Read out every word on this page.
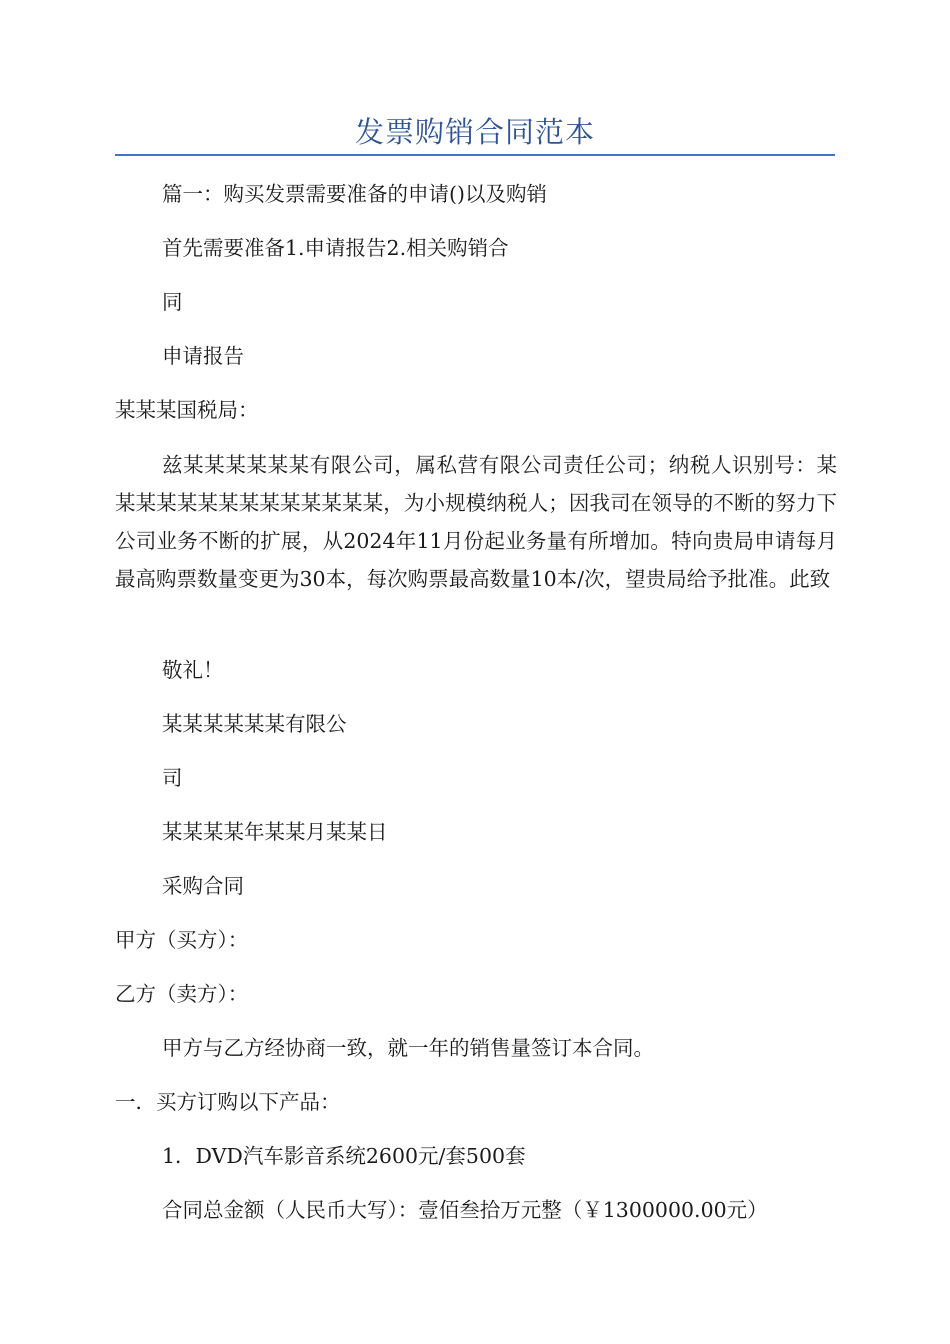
发票购销合同范本

篇一：购买发票需要准备的申请()以及购销

首先需要准备1.申请报告2.相关购销合

同

申请报告

某某某国税局：

兹某某某某某某有限公司，属私营有限公司责任公司；纳税人识别号：某某某某某某某某某某某某某某，为小规模纳税人；因我司在领导的不断的努力下公司业务不断的扩展，从2024年11月份起业务量有所增加。特向贵局申请每月最高购票数量变更为30本，每次购票最高数量10本/次，望贵局给予批准。此致

敬礼！

某某某某某某有限公

司

某某某某年某某月某某日

采购合同

甲方（买方）：

乙方（卖方）：

甲方与乙方经协商一致，就一年的销售量签订本合同。

一．买方订购以下产品：

1．DVD汽车影音系统2600元/套500套

合同总金额（人民币大写）：壹佰叁拾万元整（￥1300000.00元）
